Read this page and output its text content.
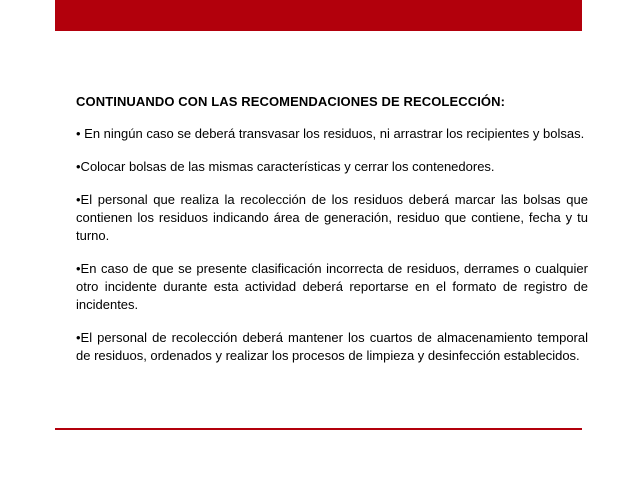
CONTINUANDO CON LAS RECOMENDACIONES DE RECOLECCIÓN:

• En ningún caso se deberá transvasar los residuos, ni arrastrar los recipientes y bolsas.

•Colocar bolsas de las mismas características y cerrar los contenedores.

•El personal que realiza la recolección de los residuos deberá marcar las bolsas que contienen los residuos indicando área de generación, residuo que contiene, fecha y tu turno.

•En caso de que se presente clasificación incorrecta de residuos, derrames o cualquier otro incidente durante esta actividad deberá reportarse en el formato de registro de incidentes.

•El personal de recolección deberá mantener los cuartos de almacenamiento temporal de residuos, ordenados y realizar los procesos de limpieza y desinfección establecidos.
